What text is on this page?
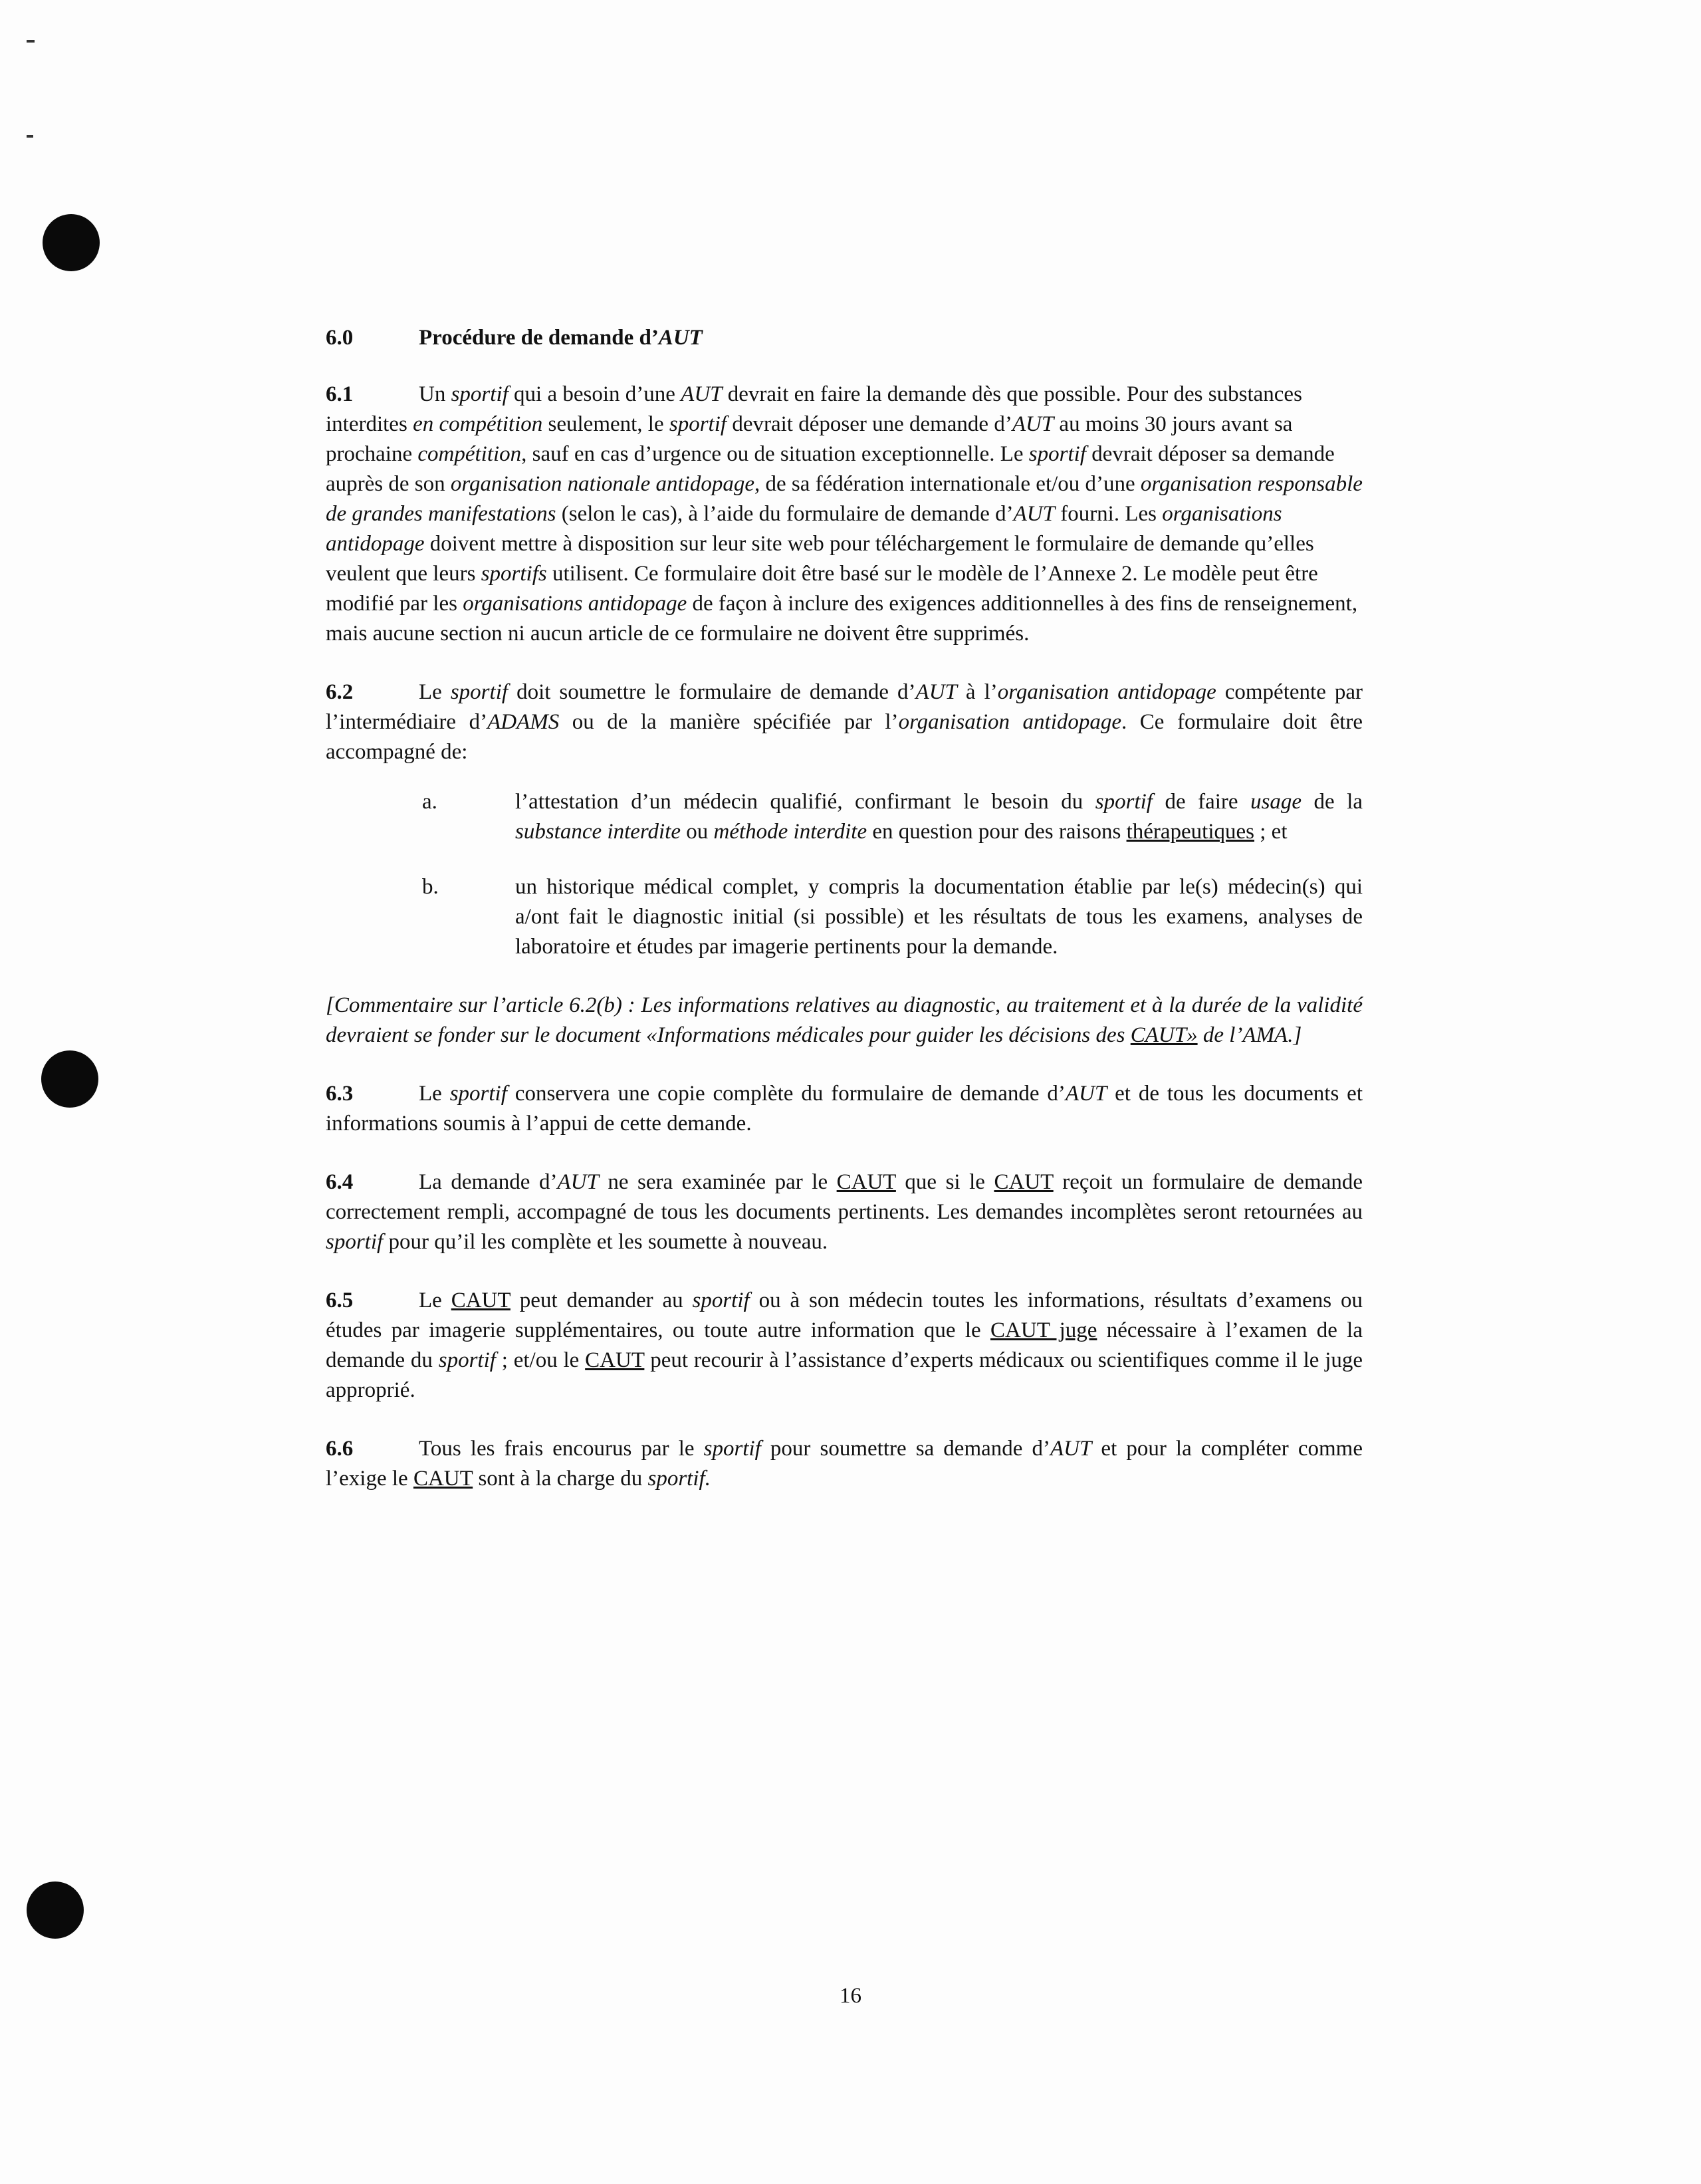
6.0	Procédure de demande d’AUT

6.1	Un sportif qui a besoin d’une AUT devrait en faire la demande dès que possible. Pour des substances interdites en compétition seulement, le sportif devrait déposer une demande d’AUT au moins 30 jours avant sa prochaine compétition, sauf en cas d’urgence ou de situation exceptionnelle. Le sportif devrait déposer sa demande auprès de son organisation nationale antidopage, de sa fédération internationale et/ou d’une organisation responsable de grandes manifestations (selon le cas), à l’aide du formulaire de demande d’AUT fourni. Les organisations antidopage doivent mettre à disposition sur leur site web pour téléchargement le formulaire de demande qu’elles veulent que leurs sportifs utilisent. Ce formulaire doit être basé sur le modèle de l’Annexe 2. Le modèle peut être modifié par les organisations antidopage de façon à inclure des exigences additionnelles à des fins de renseignement, mais aucune section ni aucun article de ce formulaire ne doivent être supprimés.

6.2	Le sportif doit soumettre le formulaire de demande d’AUT à l’organisation antidopage compétente par l’intermédiaire d’ADAMS ou de la manière spécifiée par l’organisation antidopage. Ce formulaire doit être accompagné de:

a.	l’attestation d’un médecin qualifié, confirmant le besoin du sportif de faire usage de la substance interdite ou méthode interdite en question pour des raisons thérapeutiques ; et
b.	un historique médical complet, y compris la documentation établie par le(s) médecin(s) qui a/ont fait le diagnostic initial (si possible) et les résultats de tous les examens, analyses de laboratoire et études par imagerie pertinents pour la demande.
[Commentaire sur l’article 6.2(b) : Les informations relatives au diagnostic, au traitement et à la durée de la validité devraient se fonder sur le document «Informations médicales pour guider les décisions des CAUT» de l’AMA.]

6.3	Le sportif conservera une copie complète du formulaire de demande d’AUT et de tous les documents et informations soumis à l’appui de cette demande.

6.4	La demande d’AUT ne sera examinée par le CAUT que si le CAUT reçoit un formulaire de demande correctement rempli, accompagné de tous les documents pertinents. Les demandes incomplètes seront retournées au sportif pour qu’il les complète et les soumette à nouveau.

6.5	Le CAUT peut demander au sportif ou à son médecin toutes les informations, résultats d’examens ou études par imagerie supplémentaires, ou toute autre information que le CAUT juge nécessaire à l’examen de la demande du sportif ; et/ou le CAUT peut recourir à l’assistance d’experts médicaux ou scientifiques comme il le juge approprié.

6.6	Tous les frais encourus par le sportif pour soumettre sa demande d’AUT et pour la compléter comme l’exige le CAUT sont à la charge du sportif.

16
